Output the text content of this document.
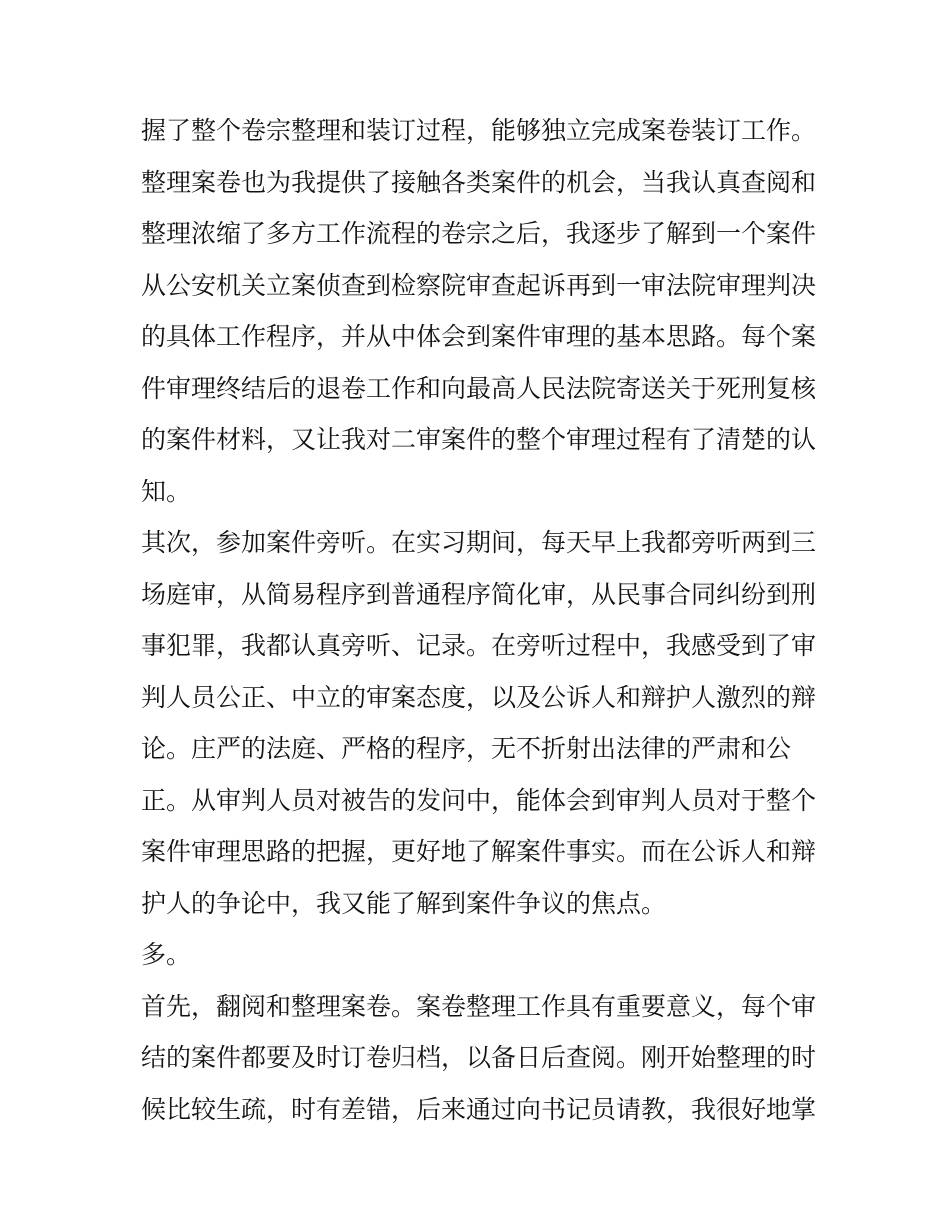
握了整个卷宗整理和装订过程，能够独立完成案卷装订工作。
整理案卷也为我提供了接触各类案件的机会，当我认真查阅和
整理浓缩了多方工作流程的卷宗之后，我逐步了解到一个案件
从公安机关立案侦查到检察院审查起诉再到一审法院审理判决
的具体工作程序，并从中体会到案件审理的基本思路。每个案
件审理终结后的退卷工作和向最高人民法院寄送关于死刑复核
的案件材料，又让我对二审案件的整个审理过程有了清楚的认
知。
其次，参加案件旁听。在实习期间，每天早上我都旁听两到三
场庭审，从简易程序到普通程序简化审，从民事合同纠纷到刑
事犯罪，我都认真旁听、记录。在旁听过程中，我感受到了审
判人员公正、中立的审案态度，以及公诉人和辩护人激烈的辩
论。庄严的法庭、严格的程序，无不折射出法律的严肃和公
正。从审判人员对被告的发问中，能体会到审判人员对于整个
案件审理思路的把握，更好地了解案件事实。而在公诉人和辩
护人的争论中，我又能了解到案件争议的焦点。
多。
首先，翻阅和整理案卷。案卷整理工作具有重要意义，每个审
结的案件都要及时订卷归档，以备日后查阅。刚开始整理的时
候比较生疏，时有差错，后来通过向书记员请教，我很好地掌
